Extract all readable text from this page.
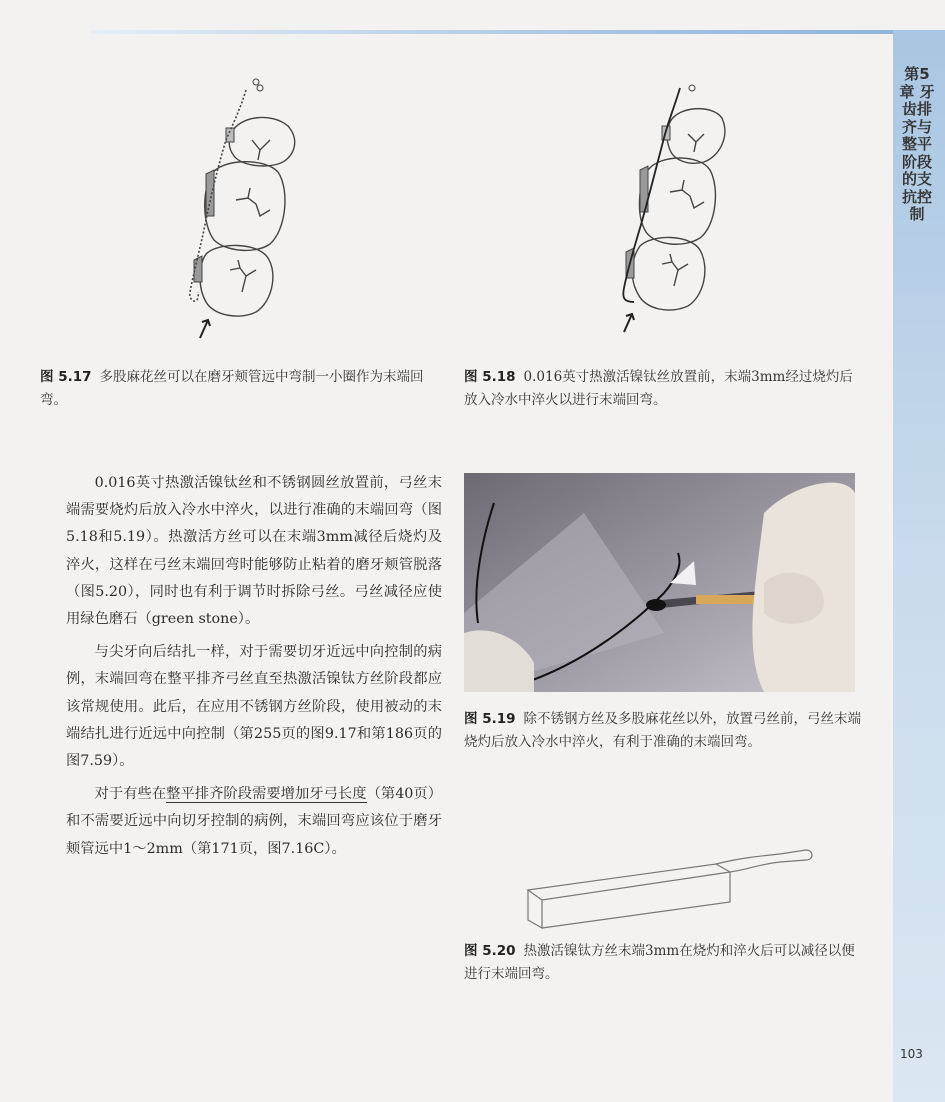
第5章 牙齿排齐与整平阶段的支抗控制

图 5.17 多股麻花丝可以在磨牙颊管远中弯制一小圈作为末端回弯。

图 5.18 0.016英寸热激活镍钛丝放置前，末端3mm经过烧灼后放入冷水中淬火以进行末端回弯。

0.016英寸热激活镍钛丝和不锈钢圆丝放置前，弓丝末端需要烧灼后放入冷水中淬火，以进行准确的末端回弯（图5.18和5.19）。热激活方丝可以在末端3mm减径后烧灼及淬火，这样在弓丝末端回弯时能够防止粘着的磨牙颊管脱落（图5.20），同时也有利于调节时拆除弓丝。弓丝减径应使用绿色磨石（green stone）。

与尖牙向后结扎一样，对于需要切牙近远中向控制的病例，末端回弯在整平排齐弓丝直至热激活镍钛方丝阶段都应该常规使用。此后，在应用不锈钢方丝阶段，使用被动的末端结扎进行近远中向控制（第255页的图9.17和第186页的图7.59）。

对于有些在整平排齐阶段需要增加牙弓长度（第40页）和不需要近远中向切牙控制的病例，末端回弯应该位于磨牙颊管远中1～2mm（第171页，图7.16C）。

图 5.19 除不锈钢方丝及多股麻花丝以外，放置弓丝前，弓丝末端烧灼后放入冷水中淬火，有利于准确的末端回弯。

图 5.20 热激活镍钛方丝末端3mm在烧灼和淬火后可以减径以便进行末端回弯。

103
